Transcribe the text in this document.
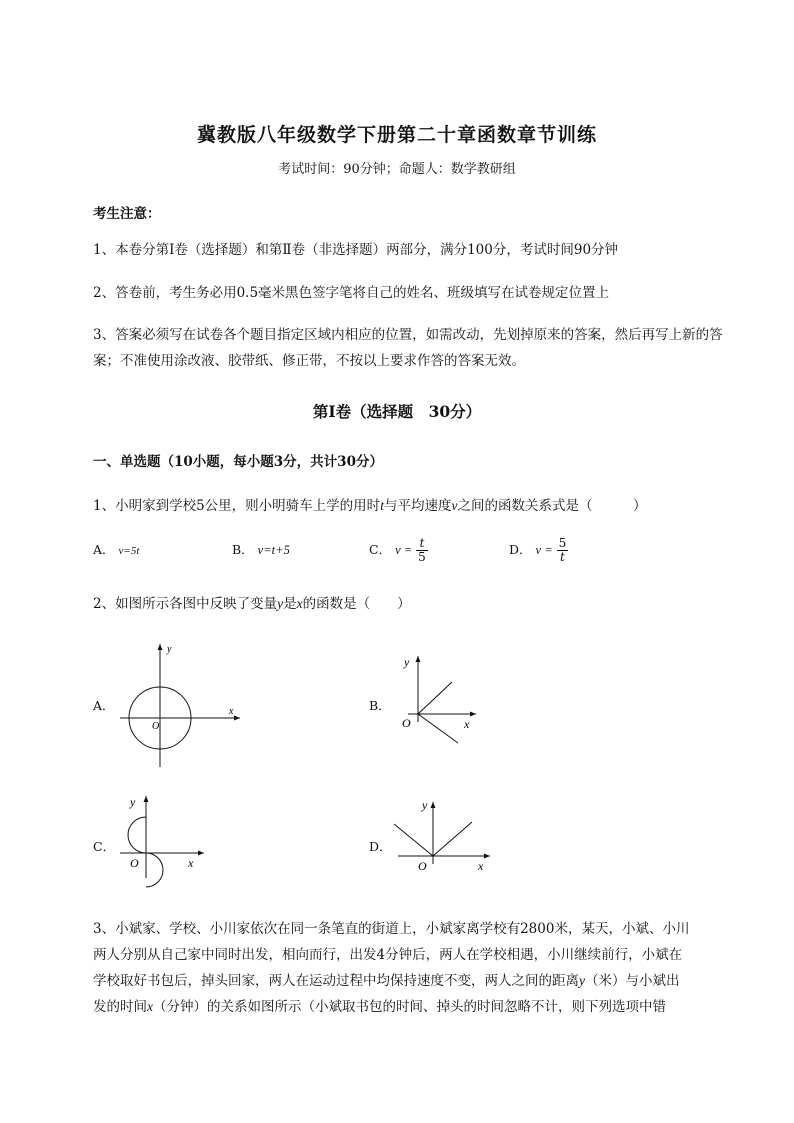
冀教版八年级数学下册第二十章函数章节训练
考试时间：90分钟；命题人：数学教研组
考生注意：
1、本卷分第Ⅰ卷（选择题）和第Ⅱ卷（非选择题）两部分，满分100分，考试时间90分钟
2、答卷前，考生务必用0.5毫米黑色签字笔将自己的姓名、班级填写在试卷规定位置上
3、答案必须写在试卷各个题目指定区域内相应的位置，如需改动，先划掉原来的答案，然后再写上新的答案；不准使用涂改液、胶带纸、修正带，不按以上要求作答的答案无效。
第Ⅰ卷（选择题　30分）
一、单选题（10小题，每小题3分，共计30分）
1、小明家到学校5公里，则小明骑车上学的用时t与平均速度v之间的函数关系式是（　　　）
A． v=5t	B． v=t+5	C． $v = \frac{t}{5}$	D． $v = \frac{5}{t}$
2、如图所示各图中反映了变量y是x的函数是（　　）
A．	x
y
O
B．
x
y
O
C．
x
y
O
D．
x
y
O
3、小斌家、学校、小川家依次在同一条笔直的街道上，小斌家离学校有2800米，某天，小斌、小川
两人分别从自己家中同时出发，相向而行，出发4分钟后，两人在学校相遇，小川继续前行，小斌在
学校取好书包后，掉头回家，两人在运动过程中均保持速度不变，两人之间的距离y（米）与小斌出
发的时间x（分钟）的关系如图所示（小斌取书包的时间、掉头的时间忽略不计，则下列选项中错
